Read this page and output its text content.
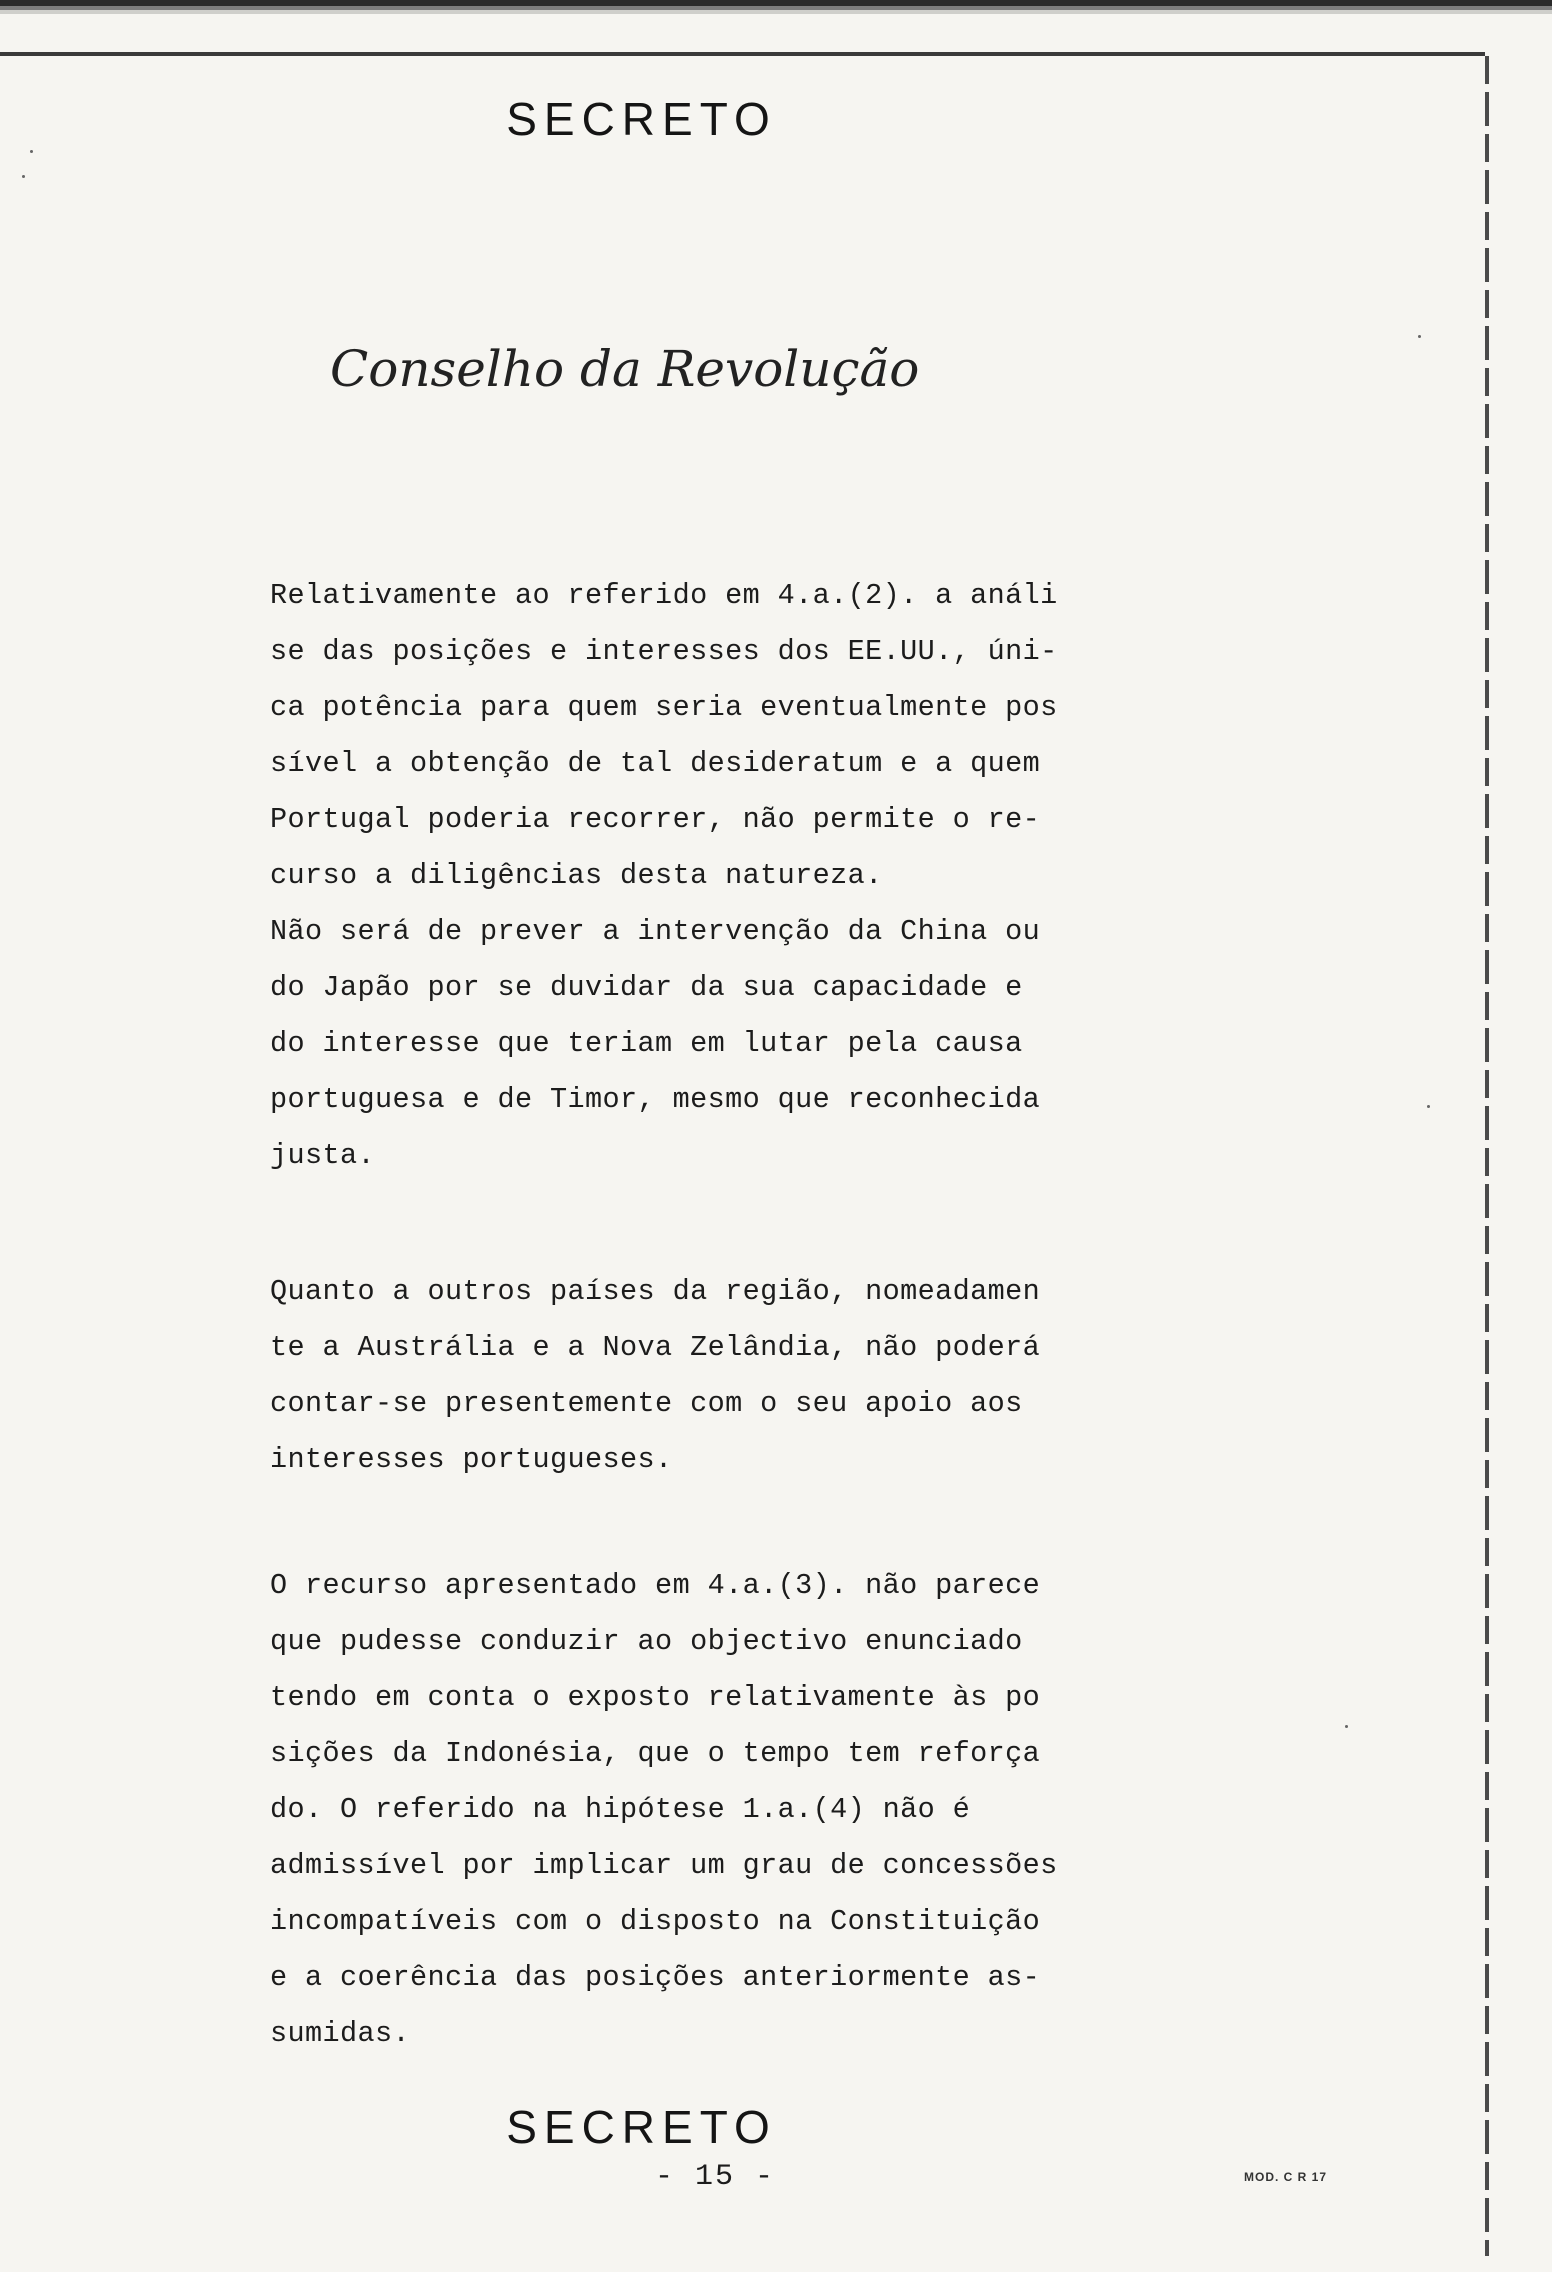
SECRETO
Conselho da Revolução
Relativamente ao referido em 4.a.(2). a análi
se das posições e interesses dos EE.UU., úni-
ca potência para quem seria eventualmente pos
sível a obtenção de tal desideratum e a quem
Portugal poderia recorrer, não permite o re-
curso a diligências desta natureza.
Não será de prever a intervenção da China ou
do Japão por se duvidar da sua capacidade e
do interesse que teriam em lutar pela causa
portuguesa e de Timor, mesmo que reconhecida
justa.
Quanto a outros países da região, nomeadamen
te a Austrália e a Nova Zelândia, não poderá
contar-se presentemente com o seu apoio aos
interesses portugueses.
O recurso apresentado em 4.a.(3). não parece
que pudesse conduzir ao objectivo enunciado
tendo em conta o exposto relativamente às po
sições da Indonésia, que o tempo tem reforça
do. O referido na hipótese 1.a.(4) não é
admissível por implicar um grau de concessões
incompatíveis com o disposto na Constituição
e a coerência das posições anteriormente as-
sumidas.
SECRETO
- 15 -	MOD. C R 17
